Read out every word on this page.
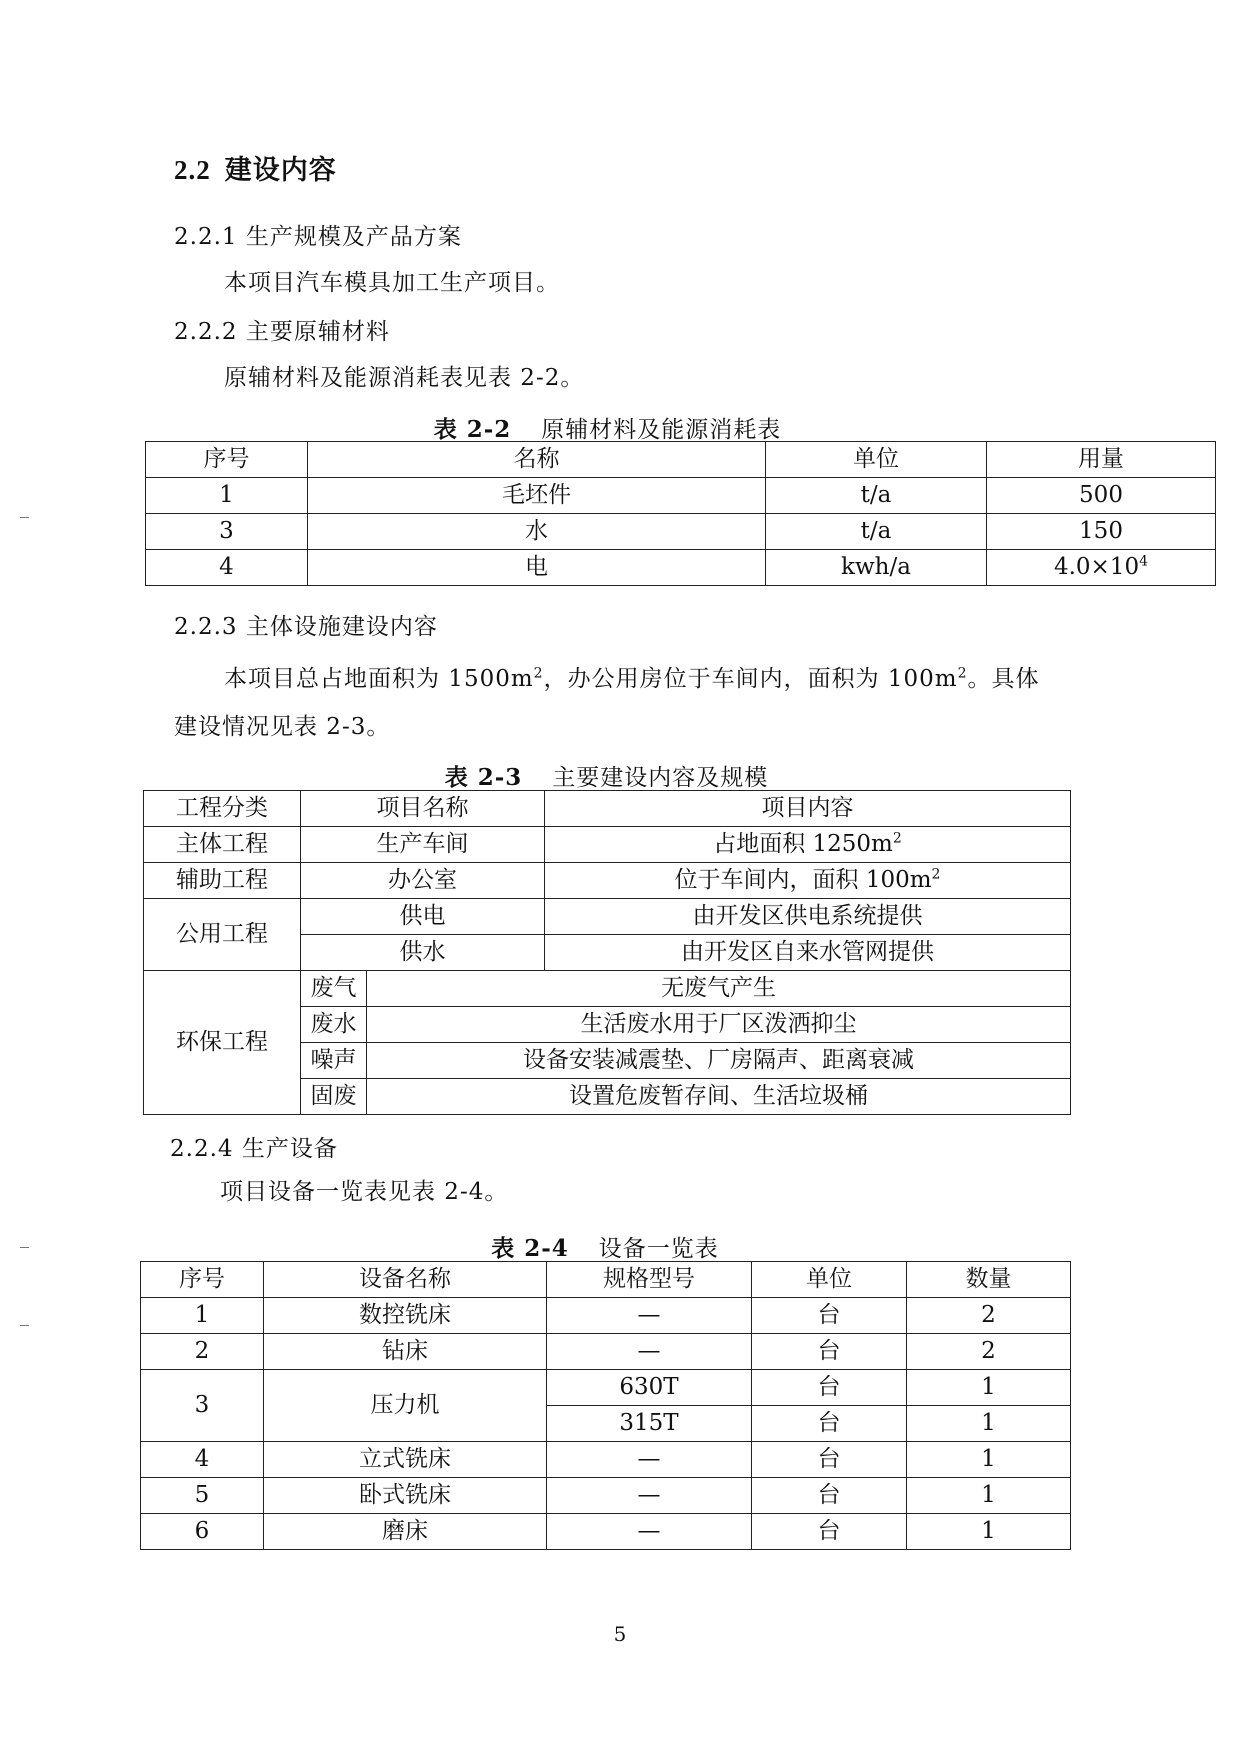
2.2 建设内容
2.2.1 生产规模及产品方案
本项目汽车模具加工生产项目。
2.2.2 主要原辅材料
原辅材料及能源消耗表见表 2-2。
表 2-2 原辅材料及能源消耗表
序号	名称	单位	用量
1	毛坯件	t/a	500
3	水	t/a	150
4	电	kwh/a	$4.0\times 10^4$
2.2.3 主体设施建设内容
本项目总占地面积为 $1500m^2$，办公用房位于车间内，面积为 $100m^2$。具体
建设情况见表 2-3。
表 2-3 主要建设内容及规模
工程分类	项目名称		项目内容
主体工程	生产车间		占地面积 $1250m^2$
辅助工程	办公室		位于车间内，面积 $100m^2$
公用工程	供电		由开发区供电系统提供
	供水		由开发区自来水管网提供
环保工程	废气	无废气产生	
	废水	生活废水用于厂区泼洒抑尘	
	噪声	设备安装减震垫、厂房隔声、距离衰减	
	固废	设置危废暂存间、生活垃圾桶	
2.2.4 生产设备
项目设备一览表见表 2-4。
表 2-4 设备一览表
序号	设备名称	规格型号	单位	数量
1	数控铣床	—	台	2
2	钻床	—	台	2
3	压力机	630T	台	1
		315T	台	1
4	立式铣床	—	台	1
5	卧式铣床	—	台	1
6	磨床	—	台	1
5
